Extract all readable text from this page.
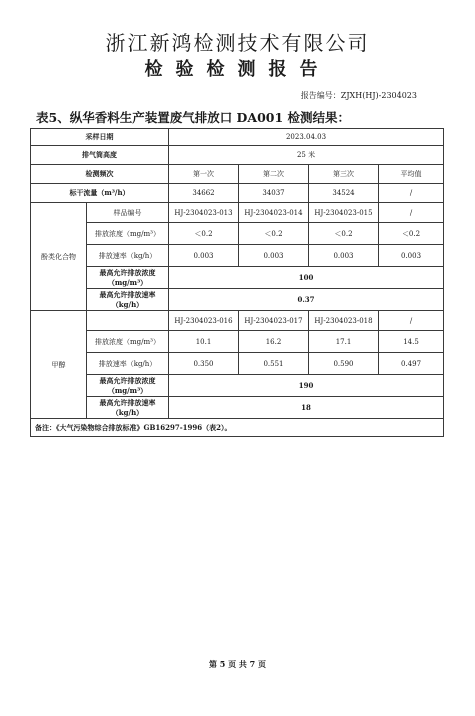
浙江新鸿检测技术有限公司
检验检测报告
报告编号：ZJXH(HJ)-2304023
表5、纵华香料生产装置废气排放口 DA001 检测结果：
采样日期		2023.04.03			
排气筒高度		25 米			
检测频次		第一次	第二次	第三次	平均值
标干流量（m³/h）		34662	34037	34524	/
酚类化合物	样品编号	HJ-2304023-013	HJ-2304023-014	HJ-2304023-015	/
	排放浓度（mg/m³）	＜0.2	＜0.2	＜0.2	＜0.2
	排放速率（kg/h）	0.003	0.003	0.003	0.003
	最高允许排放浓度（mg/m³）	100			
	最高允许排放速率（kg/h）	0.37			
甲醇		HJ-2304023-016	HJ-2304023-017	HJ-2304023-018	/
	排放浓度（mg/m³）	10.1	16.2	17.1	14.5
	排放速率（kg/h）	0.350	0.551	0.590	0.497
	最高允许排放浓度（mg/m³）	190			
	最高允许排放速率（kg/h）	18			
备注：《大气污染物综合排放标准》GB16297-1996（表2）。					
第 5 页 共 7 页
